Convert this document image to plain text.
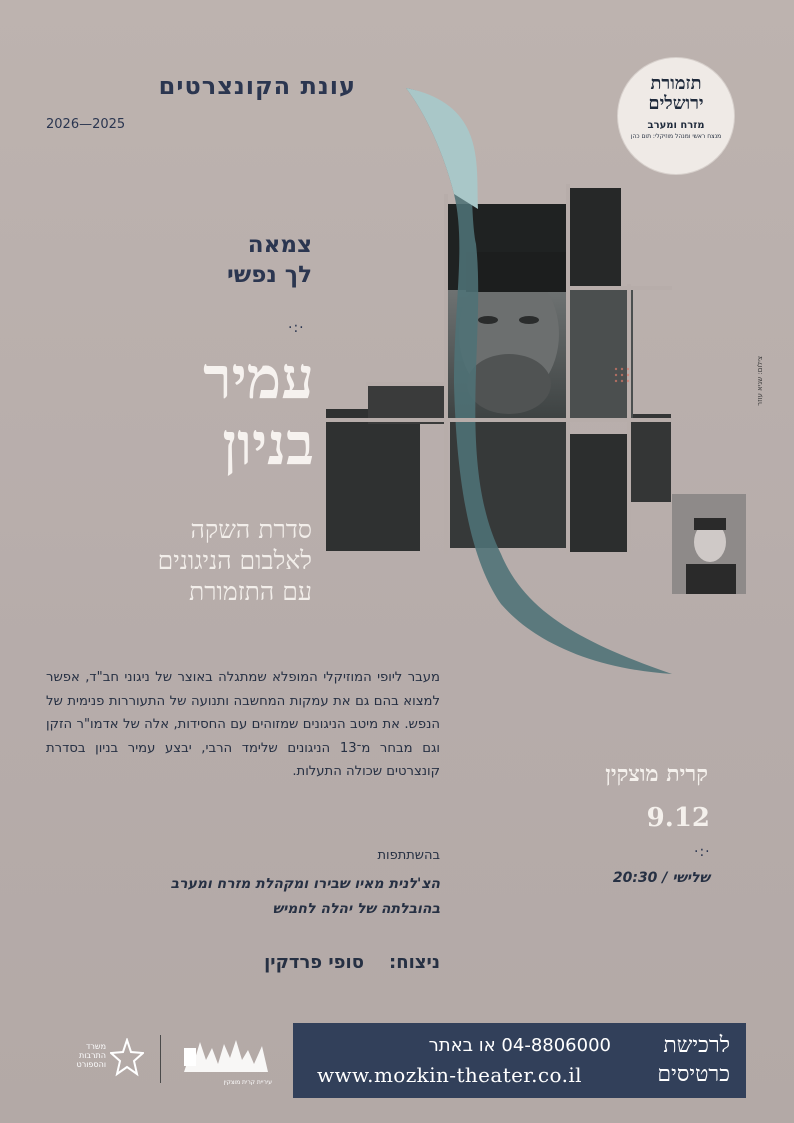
עונת הקונצרטים
2026—2025
תזמורת
ירושלים
מזרח ומערב
מנצח ראשי ומנהל מוזיקלי: תום כהן
צילום: שגיא עוזר
צמאה
לך נפשי
·:·
עמיר
בניון
סדרת השקה
לאלבום הניגונים
עם התזמורת
מעבר ליופי המוזיקלי המופלא שמתגלה באוצר של ניגוני חב"ד, אפשר למצוא בהם גם את עמקות המחשבה ותנועה של התעוררות פנימית של הנפש. את מיטב הניגונים שמזוהים עם החסידות, אלה של אדמו"ר הזקן וגם מבחר מ־13 הניגונים שלימד הרבי, יבצע עמיר בניון בסדרת קונצרטים שכולה התעלות.
בהשתתפות
הצ'לנית מאיו שבירו ומקהלת מזרח ומערב
בהובלתה של יהלה לחמיש
ניצוח:    סופי פרדקין
קרית מוצקין
9.12
·:·
שלישי / 20:30
לרכישת
כרטיסים
04-8806000 או באתר
www.mozkin-theater.co.il
משרד
התרבות
והספורט
עיריית קרית מוצקין
